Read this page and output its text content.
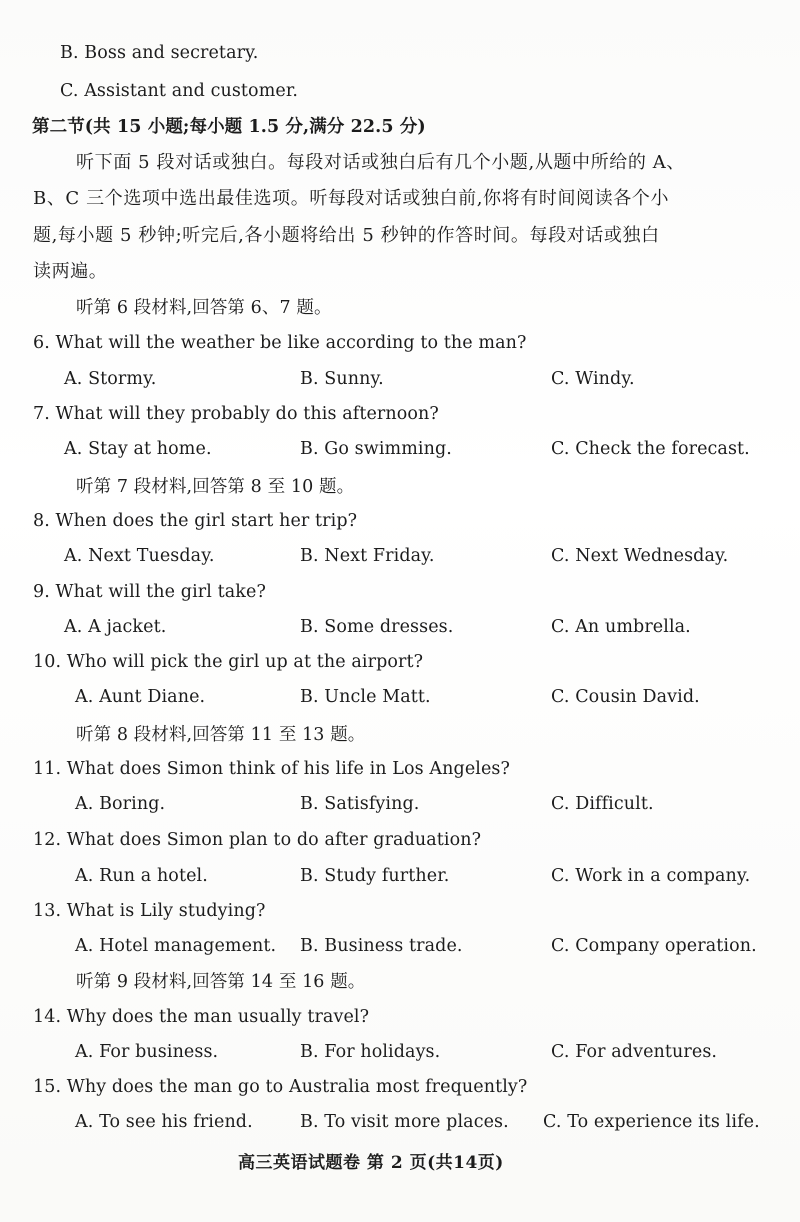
B. Boss and secretary.
C. Assistant and customer.
第二节(共 15 小题;每小题 1.5 分,满分 22.5 分)
听下面 5 段对话或独白。每段对话或独白后有几个小题,从题中所给的 A、
B、C 三个选项中选出最佳选项。听每段对话或独白前,你将有时间阅读各个小
题,每小题 5 秒钟;听完后,各小题将给出 5 秒钟的作答时间。每段对话或独白
读两遍。
听第 6 段材料,回答第 6、7 题。
6. What will the weather be like according to the man?
A. Stormy.	B. Sunny.	C. Windy.
7. What will they probably do this afternoon?
A. Stay at home.	B. Go swimming.	C. Check the forecast.
听第 7 段材料,回答第 8 至 10 题。
8. When does the girl start her trip?
A. Next Tuesday.	B. Next Friday.	C. Next Wednesday.
9. What will the girl take?
A. A jacket.	B. Some dresses.	C. An umbrella.
10. Who will pick the girl up at the airport?
A. Aunt Diane.	B. Uncle Matt.	C. Cousin David.
听第 8 段材料,回答第 11 至 13 题。
11. What does Simon think of his life in Los Angeles?
A. Boring.	B. Satisfying.	C. Difficult.
12. What does Simon plan to do after graduation?
A. Run a hotel.	B. Study further.	C. Work in a company.
13. What is Lily studying?
A. Hotel management. B. Business trade.	C. Company operation.
听第 9 段材料,回答第 14 至 16 题。
14. Why does the man usually travel?
A. For business.	B. For holidays.	C. For adventures.
15. Why does the man go to Australia most frequently?
A. To see his friend.	B. To visit more places. C. To experience its life.
高三英语试题卷 第 2 页(共14页)
